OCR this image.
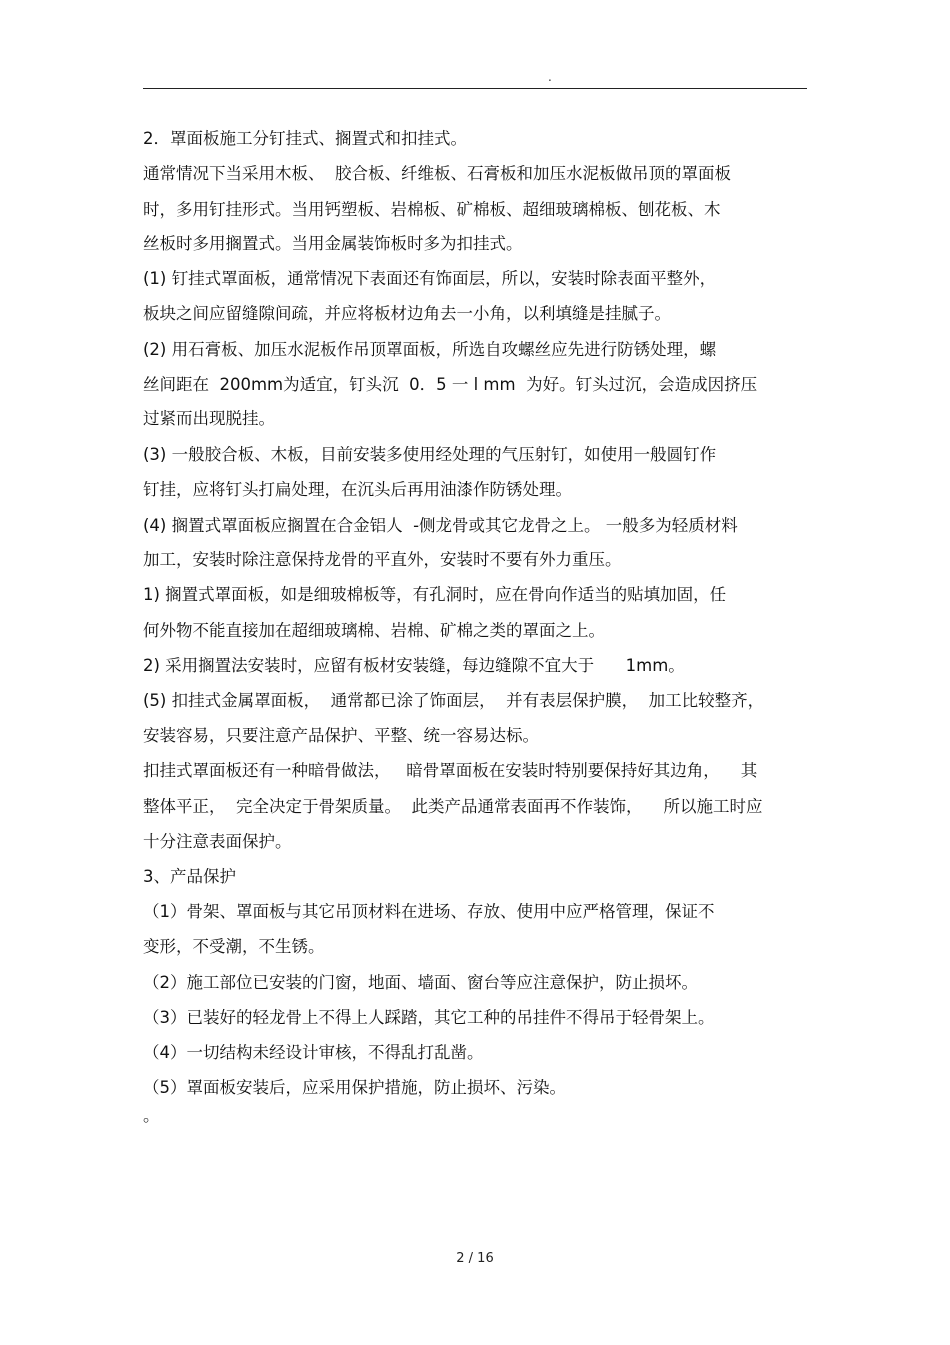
.
2．罩面板施工分钉挂式、搁置式和扣挂式。
通常情况下当采用木板、  胶合板、纤维板、石膏板和加压水泥板做吊顶的罩面板
时，多用钉挂形式。当用钙塑板、岩棉板、矿棉板、超细玻璃棉板、刨花板、木
丝板时多用搁置式。当用金属装饰板时多为扣挂式。
(1) 钉挂式罩面板，通常情况下表面还有饰面层，所以，安装时除表面平整外，
板块之间应留缝隙间疏，并应将板材边角去一小角，以利填缝是挂腻子。
(2) 用石膏板、加压水泥板作吊顶罩面板，所选自攻螺丝应先进行防锈处理，螺
丝间距在  200mm为适宜，钉头沉  0．5 一 l mm  为好。钉头过沉，会造成因挤压
过紧而出现脱挂。
(3) 一般胶合板、木板，目前安装多使用经处理的气压射钉，如使用一般圆钉作
钉挂，应将钉头打扁处理，在沉头后再用油漆作防锈处理。
(4) 搁置式罩面板应搁置在合金铝人  -侧龙骨或其它龙骨之上。 一般多为轻质材料
加工，安装时除注意保持龙骨的平直外，安装时不要有外力重压。
1) 搁置式罩面板，如是细玻棉板等，有孔洞时，应在骨向作适当的贴填加固，任
何外物不能直接加在超细玻璃棉、岩棉、矿棉之类的罩面之上。
2) 采用搁置法安装时，应留有板材安装缝，每边缝隙不宜大于      1mm。
(5) 扣挂式金属罩面板，  通常都已涂了饰面层，  并有表层保护膜，  加工比较整齐，
安装容易，只要注意产品保护、平整、统一容易达标。
扣挂式罩面板还有一种暗骨做法，   暗骨罩面板在安装时特别要保持好其边角，    其
整体平正，  完全决定于骨架质量。  此类产品通常表面再不作装饰，    所以施工时应
十分注意表面保护。
3、产品保护
（1）骨架、罩面板与其它吊顶材料在进场、存放、使用中应严格管理，保证不
变形，不受潮，不生锈。
（2）施工部位已安装的门窗，地面、墙面、窗台等应注意保护，防止损坏。
（3）已装好的轻龙骨上不得上人踩踏，其它工种的吊挂件不得吊于轻骨架上。
（4）一切结构未经设计审核，不得乱打乱凿。
（5）罩面板安装后，应采用保护措施，防止损坏、污染。
。
2 / 16
